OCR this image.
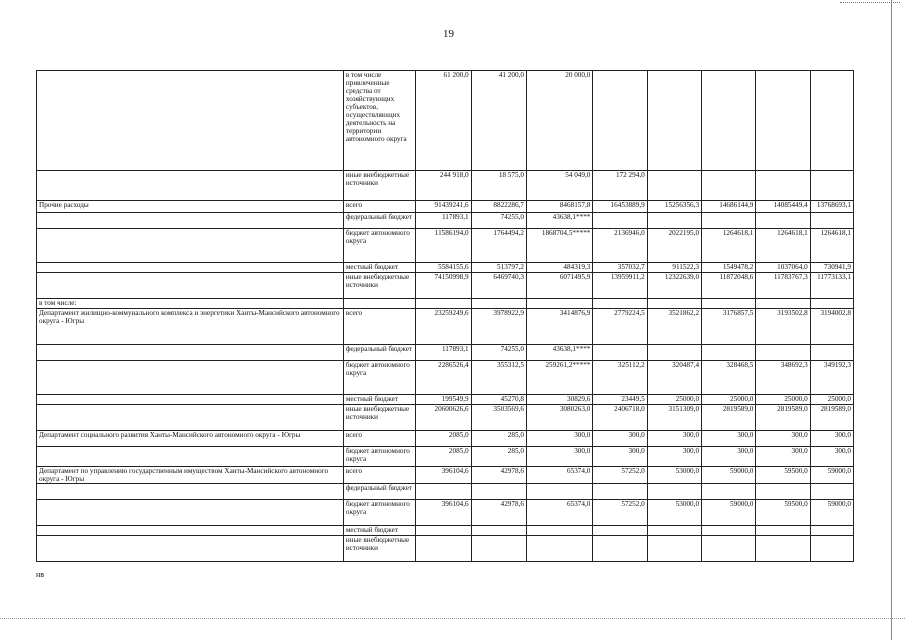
19
	в том числе привлеченные средства от хозяйствующих субъектов, осуществляющих деятельность на территории автономного округа	61 200,0	41 200,0	20 000,0					
	иные внебюджетные источники	244 918,0	18 575,0	54 049,0	172 294,0				
Прочие расходы	всего	91439241,6	8822286,7	8468157,8	16453889,9	15256356,3	14686144,9	14085449,4	13768693,1
	федеральный бюджет	117893,1	74255,0	43638,1****					
	бюджет автономного округа	11586194,0	1764494,2	1868704,5*****	2136946,0	2022195,0	1264618,1	1264618,1	1264618,1
	местный бюджет	5584155,6	513797,2	484319,3	357032,7	911522,3	1549478,2	1037064,0	730941,9
	иные внебюджетные источники	74150998,9	6469740,3	6071495,9	13959911,2	12322639,0	11872048,6	11783767,3	11773133,1
в том числе:									
Департамент жилищно-коммунального комплекса и энергетики Ханты-Мансийского автономного округа - Югры	всего	23259249,6	3978922,9	3414876,9	2779224,5	3521862,2	3176857,5	3193502,8	3194002,8
	федеральный бюджет	117893,1	74255,0	43638,1****					
	бюджет автономного округа	2286526,4	355312,5	259261,2*****	325112,2	320487,4	328468,5	348692,3	349192,3
	местный бюджет	199549,9	45270,8	30829,6	23449,5	25000,0	25000,0	25000,0	25000,0
	иные внебюджетные источники	20600626,6	3503569,6	3080263,0	2406718,0	3151309,0	2819589,0	2819589,0	2819589,0
Департамент социального развития Ханты-Мансийского автономного округа - Югры	всего	2085,0	285,0	300,0	300,0	300,0	300,0	300,0	300,0
	бюджет автономного округа	2085,0	285,0	300,0	300,0	300,0	300,0	300,0	300,0
Департамент по управлению государственным имуществом Ханты-Мансийского автономного округа - Югры	всего	396104,6	42978,6	65374,0	57252,0	53000,0	59000,0	59500,0	59000,0
	федеральный бюджет								
	бюджет автономного округа	396104,6	42978,6	65374,0	57252,0	53000,0	59000,0	59500,0	59000,0
	местный бюджет								
	иные внебюджетные источники								
нв
